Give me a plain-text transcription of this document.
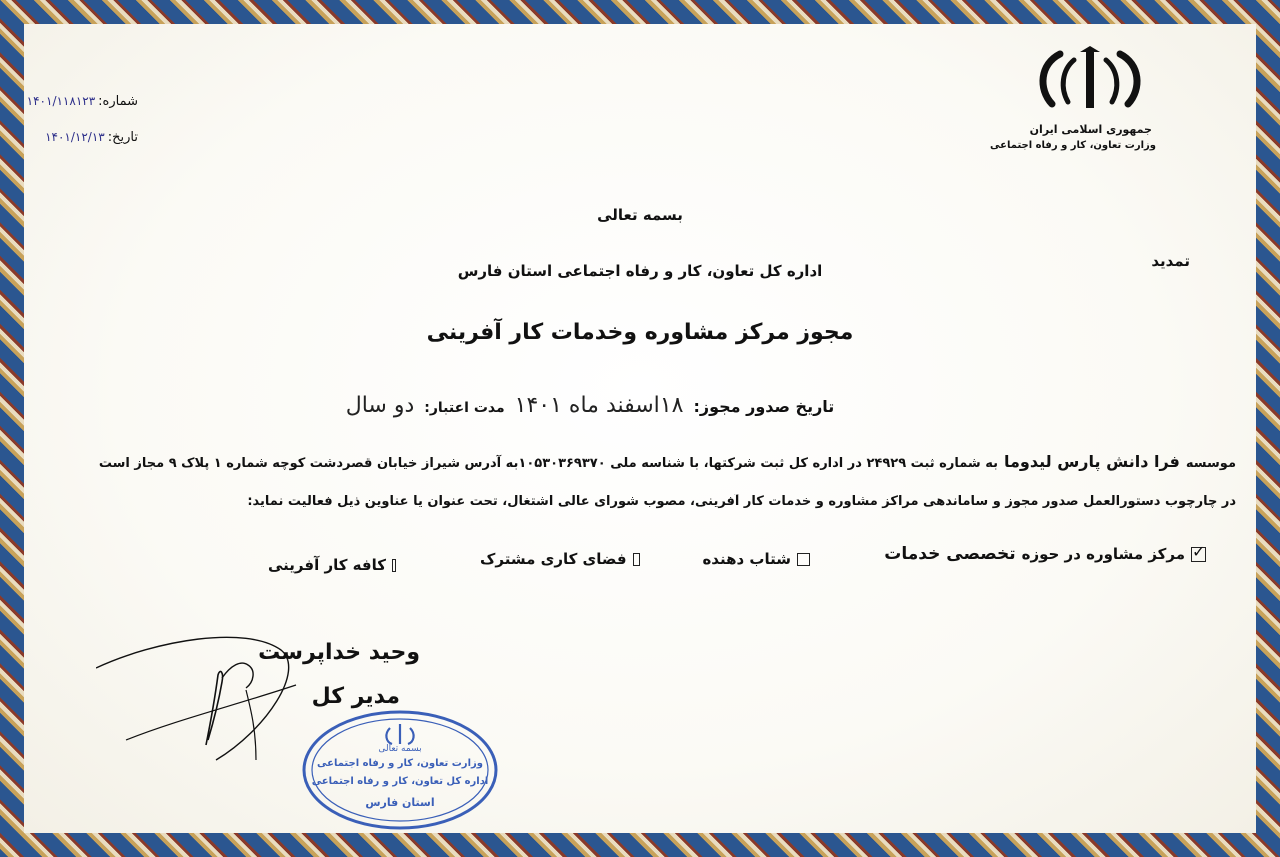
جمهوری اسلامی ایران
وزارت تعاون، کار و رفاه اجتماعی
شماره:
۱۴۰۱/۱۱۸۱۲۳
تاریخ:
۱۴۰۱/۱۲/۱۳
تمدید
بسمه تعالی
اداره کل تعاون، کار و رفاه اجتماعی استان فارس
مجوز مرکز مشاوره وخدمات کار آفرینی
تاریخ صدور مجوز:
۱۸اسفند ماه ۱۴۰۱
مدت اعتبار:
دو سال
موسسه
فرا دانش پارس لیدوما
به شماره ثبت ۲۴۹۲۹ در اداره کل ثبت شرکتها، با شناسه ملی ۱۰۵۳۰۳۶۹۳۷۰به آدرس شیراز خیابان قصردشت کوچه شماره ۱ پلاک ۹ مجاز است
در چارچوب دستورالعمل صدور مجوز و ساماندهی مراکز مشاوره و خدمات کار آفرینی، مصوب شورای عالی اشتغال، تحت عنوان یا عناوین ذیل فعالیت نماید:
✓
مرکز مشاوره در حوزه
تخصصی خدمات
شتاب دهنده
فضای کاری مشترک
کافه کار آفرینی
وحید خداپرست
مدیر کل
بسمه تعالی
وزارت تعاون، کار و رفاه اجتماعی
اداره کل تعاون، کار و رفاه اجتماعی
استان فارس
